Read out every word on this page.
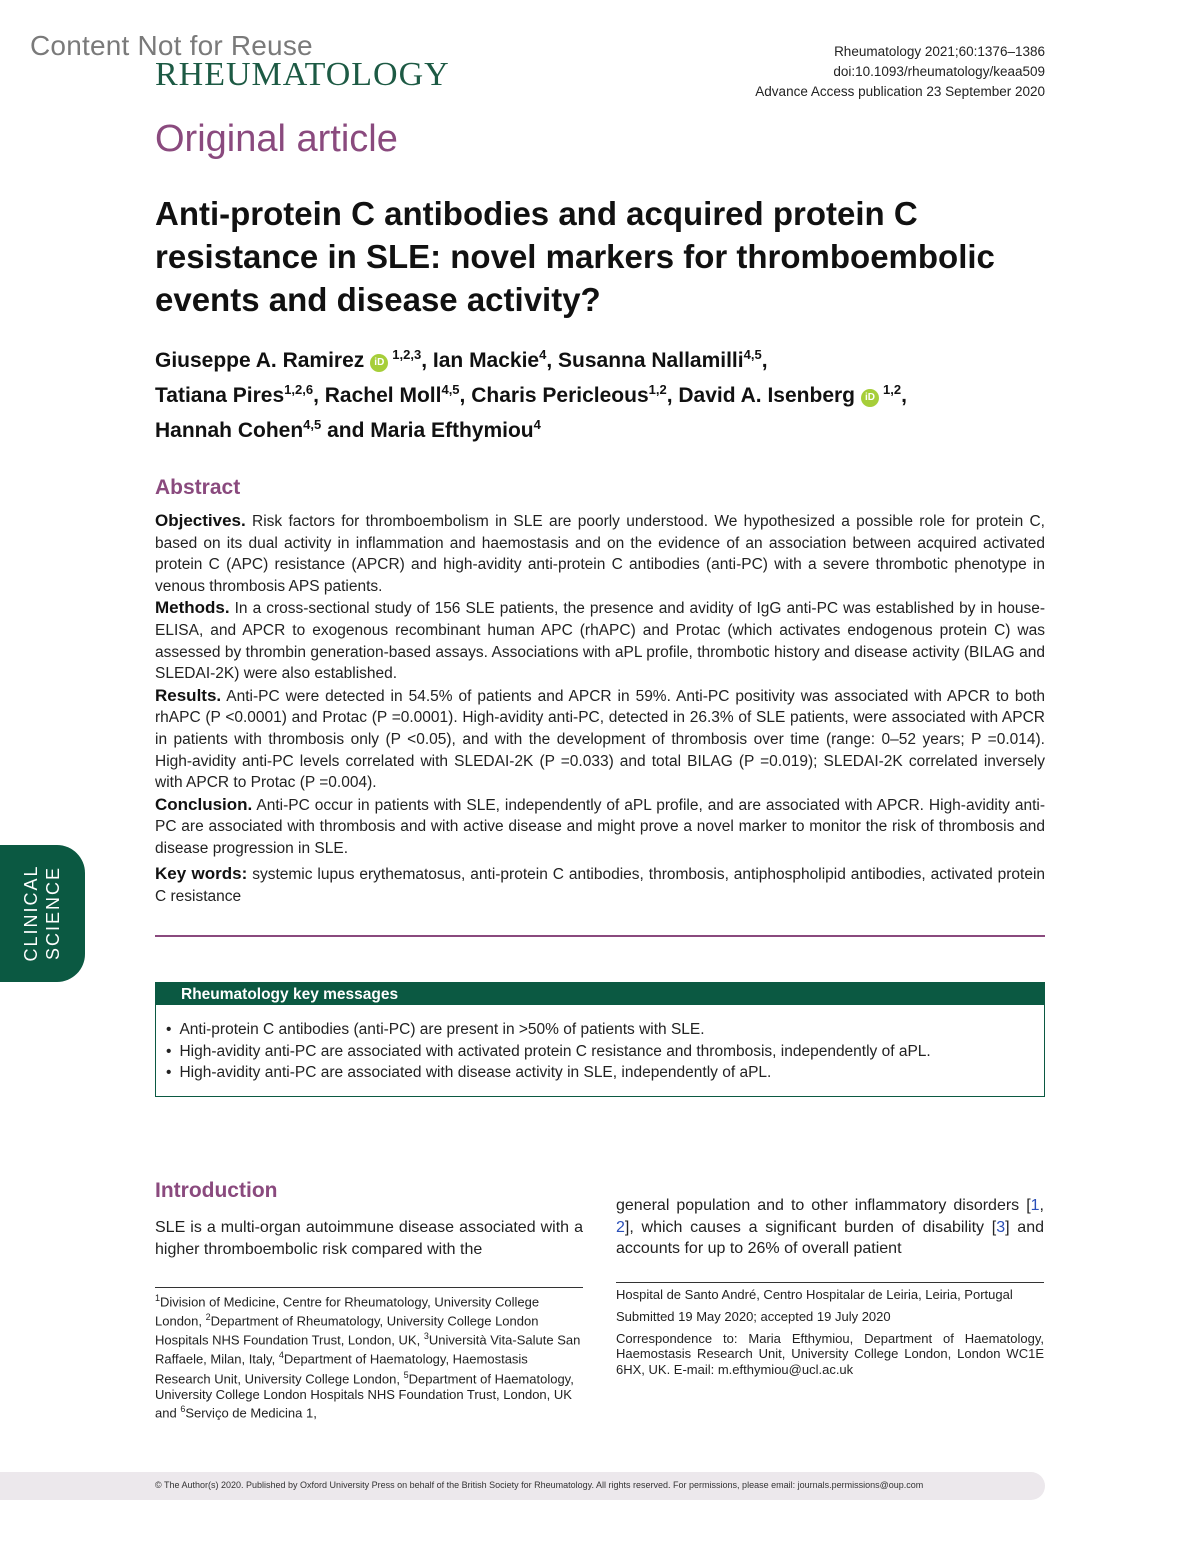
Content Not for Reuse
RHEUMATOLOGY
Rheumatology 2021;60:1376–1386
doi:10.1093/rheumatology/keaa509
Advance Access publication 23 September 2020
Original article
Anti-protein C antibodies and acquired protein C resistance in SLE: novel markers for thromboembolic events and disease activity?
Giuseppe A. Ramirez iD$^{1,2,3}$, Ian Mackie$^4$, Susanna Nallamilli$^{4,5}$,
Tatiana Pires$^{1,2,6}$, Rachel Moll$^{4,5}$, Charis Pericleous$^{1,2}$, David A. Isenberg iD$^{1,2}$,
Hannah Cohen$^{4,5}$ and Maria Efthymiou$^4$
Abstract

Objectives. Risk factors for thromboembolism in SLE are poorly understood. We hypothesized a possible role for protein C, based on its dual activity in inflammation and haemostasis and on the evidence of an association between acquired activated protein C (APC) resistance (APCR) and high-avidity anti-protein C antibodies (anti-PC) with a severe thrombotic phenotype in venous thrombosis APS patients.

Methods. In a cross-sectional study of 156 SLE patients, the presence and avidity of IgG anti-PC was established by in house-ELISA, and APCR to exogenous recombinant human APC (rhAPC) and Protac (which activates endogenous protein C) was assessed by thrombin generation-based assays. Associations with aPL profile, thrombotic history and disease activity (BILAG and SLEDAI-2K) were also established.

Results. Anti-PC were detected in 54.5% of patients and APCR in 59%. Anti-PC positivity was associated with APCR to both rhAPC (P <0.0001) and Protac (P =0.0001). High-avidity anti-PC, detected in 26.3% of SLE patients, were associated with APCR in patients with thrombosis only (P <0.05), and with the development of thrombosis over time (range: 0–52 years; P =0.014). High-avidity anti-PC levels correlated with SLEDAI-2K (P =0.033) and total BILAG (P =0.019); SLEDAI-2K correlated inversely with APCR to Protac (P =0.004).

Conclusion. Anti-PC occur in patients with SLE, independently of aPL profile, and are associated with APCR. High-avidity anti-PC are associated with thrombosis and with active disease and might prove a novel marker to monitor the risk of thrombosis and disease progression in SLE.

Key words: systemic lupus erythematosus, anti-protein C antibodies, thrombosis, antiphospholipid antibodies, activated protein C resistance
CLINICAL SCIENCE
Rheumatology key messages
• Anti-protein C antibodies (anti-PC) are present in >50% of patients with SLE.
• High-avidity anti-PC are associated with activated protein C resistance and thrombosis, independently of aPL.
• High-avidity anti-PC are associated with disease activity in SLE, independently of aPL.
Introduction
SLE is a multi-organ autoimmune disease associated with a higher thromboembolic risk compared with the
general population and to other inflammatory disorders [1, 2], which causes a significant burden of disability [3] and accounts for up to 26% of overall patient
$^1$Division of Medicine, Centre for Rheumatology, University College London, $^2$Department of Rheumatology, University College London Hospitals NHS Foundation Trust, London, UK, $^3$Università Vita-Salute San Raffaele, Milan, Italy, $^4$Department of Haematology, Haemostasis Research Unit, University College London, $^5$Department of Haematology, University College London Hospitals NHS Foundation Trust, London, UK and $^6$Serviço de Medicina 1,

Hospital de Santo André, Centro Hospitalar de Leiria, Leiria, Portugal

Submitted 19 May 2020; accepted 19 July 2020

Correspondence to: Maria Efthymiou, Department of Haematology, Haemostasis Research Unit, University College London, London WC1E 6HX, UK. E-mail: m.efthymiou@ucl.ac.uk

© The Author(s) 2020. Published by Oxford University Press on behalf of the British Society for Rheumatology. All rights reserved. For permissions, please email: journals.permissions@oup.com
